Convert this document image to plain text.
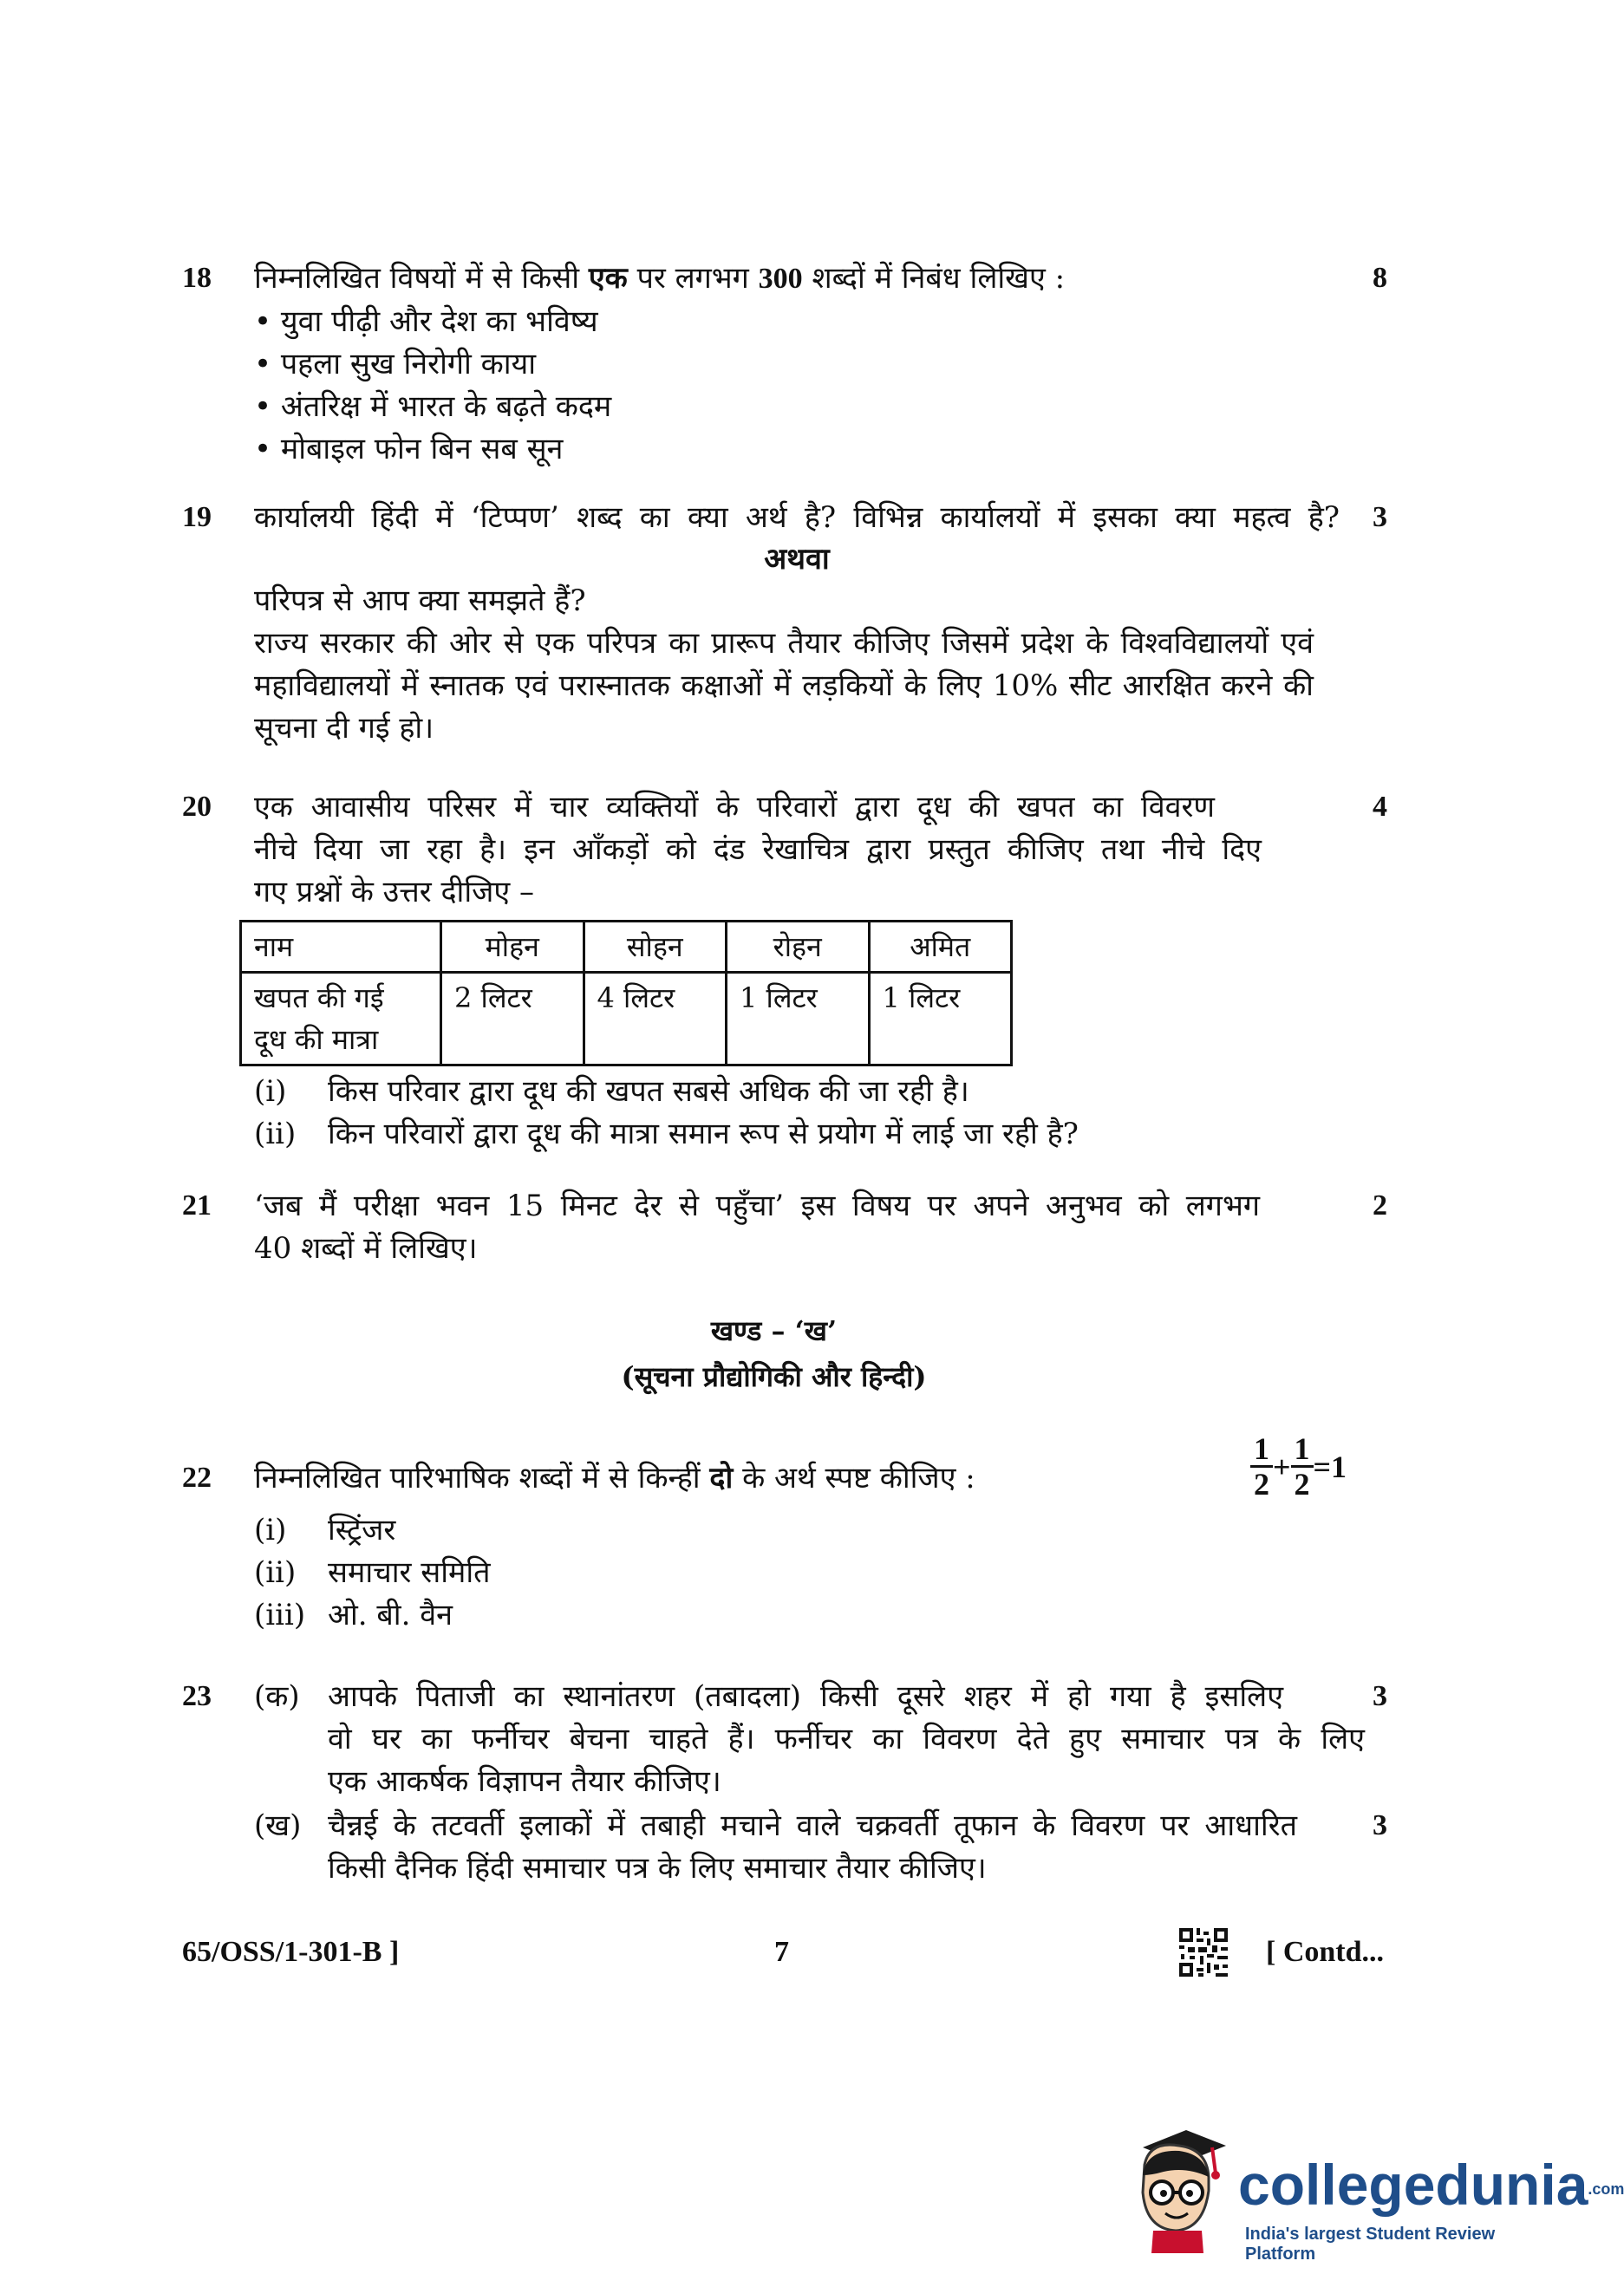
18 निम्नलिखित विषयों में से किसी एक पर लगभग 300 शब्दों में निबंध लिखिए :	8
• युवा पीढ़ी और देश का भविष्य
• पहला सुख निरोगी काया
• अंतरिक्ष में भारत के बढ़ते कदम
• मोबाइल फोन बिन सब सून
19 कार्यालयी हिंदी में ‘टिप्पण’ शब्द का क्या अर्थ है? विभिन्न कार्यालयों में इसका क्या महत्व है?	3
अथवा
परिपत्र से आप क्या समझते हैं?
राज्य सरकार की ओर से एक परिपत्र का प्रारूप तैयार कीजिए जिसमें प्रदेश के विश्वविद्यालयों एवं
महाविद्यालयों में स्नातक एवं परास्नातक कक्षाओं में लड़कियों के लिए 10% सीट आरक्षित करने की
सूचना दी गई हो।
20 एक आवासीय परिसर में चार व्यक्तियों के परिवारों द्वारा दूध की खपत का विवरण	4
नीचे दिया जा रहा है। इन आँकड़ों को दंड रेखाचित्र द्वारा प्रस्तुत कीजिए तथा नीचे दिए
गए प्रश्नों के उत्तर दीजिए –
नाम	मोहन	सोहन	रोहन	अमित

खपत की गई
दूध की मात्रा	2 लिटर	4 लिटर	1 लिटर	1 लिटर
(i) किस परिवार द्वारा दूध की खपत सबसे अधिक की जा रही है।
(ii) किन परिवारों द्वारा दूध की मात्रा समान रूप से प्रयोग में लाई जा रही है?
21 ‘जब मैं परीक्षा भवन 15 मिनट देर से पहुँचा’ इस विषय पर अपने अनुभव को लगभग	2
40 शब्दों में लिखिए।
खण्ड – ‘ख’
(सूचना प्रौद्योगिकी और हिन्दी)
22 निम्नलिखित पारिभाषिक शब्दों में से किन्हीं दो के अर्थ स्पष्ट कीजिए :	$\frac{1}{2} + \frac{1}{2} =1$
(i) स्ट्रिंजर
(ii) समाचार समिति
(iii) ओ. बी. वैन
23 (क) आपके पिताजी का स्थानांतरण (तबादला) किसी दूसरे शहर में हो गया है इसलिए	3
वो घर का फर्नीचर बेचना चाहते हैं। फर्नीचर का विवरण देते हुए समाचार पत्र के लिए
एक आकर्षक विज्ञापन तैयार कीजिए।
(ख) चैन्नई के तटवर्ती इलाकों में तबाही मचाने वाले चक्रवर्ती तूफान के विवरण पर आधारित	3
किसी दैनिक हिंदी समाचार पत्र के लिए समाचार तैयार कीजिए।
65/OSS/1-301-B ]	7	[ Contd...
collegedunia.com
India's largest Student Review Platform
